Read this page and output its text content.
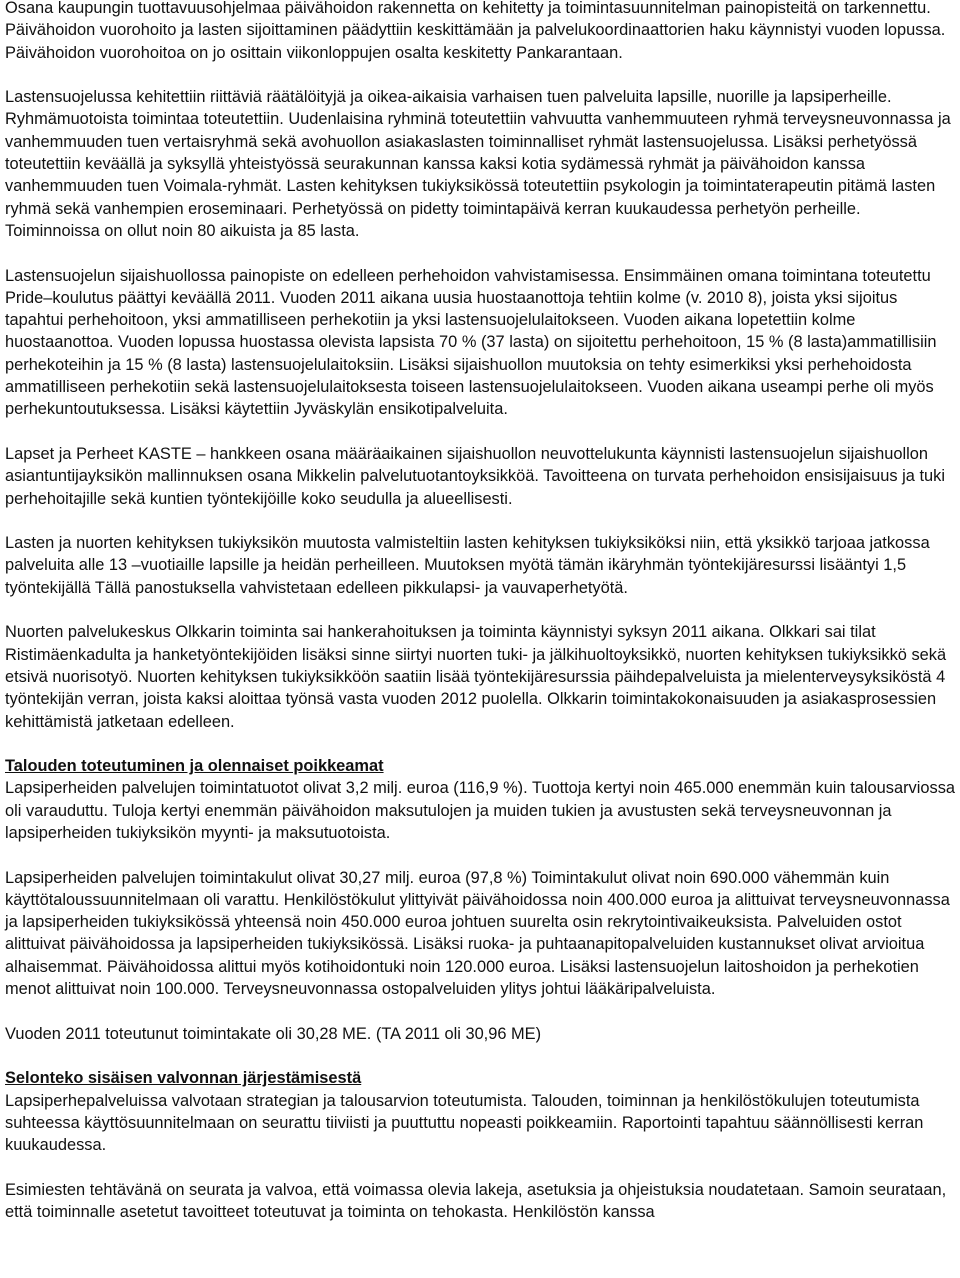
Osana kaupungin tuottavuusohjelmaa päivähoidon rakennetta on kehitetty ja toimintasuunnitelman painopisteitä on tarkennettu. Päivähoidon vuorohoito ja lasten sijoittaminen päädyttiin keskittämään ja palvelukoordinaattorien haku käynnistyi vuoden lopussa. Päivähoidon vuorohoitoa on jo osittain viikonloppujen osalta keskitetty Pankarantaan.

Lastensuojelussa kehitettiin riittäviä räätälöityjä ja oikea-aikaisia varhaisen tuen palveluita lapsille, nuorille ja lapsiperheille. Ryhmämuotoista toimintaa toteutettiin. Uudenlaisina ryhminä toteutettiin vahvuutta vanhemmuuteen ryhmä terveysneuvonnassa ja vanhemmuuden tuen vertaisryhmä sekä avohuollon asiakaslasten toiminnalliset ryhmät lastensuojelussa. Lisäksi perhetyössä toteutettiin keväällä ja syksyllä yhteistyössä seurakunnan kanssa kaksi kotia sydämessä ryhmät ja päivähoidon kanssa vanhemmuuden tuen Voimala-ryhmät. Lasten kehityksen tukiyksikössä toteutettiin psykologin ja toimintaterapeutin pitämä lasten ryhmä sekä vanhempien eroseminaari. Perhetyössä on pidetty toimintapäivä kerran kuukaudessa perhetyön perheille. Toiminnoissa on ollut noin 80 aikuista ja 85 lasta.

Lastensuojelun sijaishuollossa painopiste on edelleen perhehoidon vahvistamisessa. Ensimmäinen omana toimintana toteutettu Pride–koulutus päättyi keväällä 2011. Vuoden 2011 aikana uusia huostaanottoja tehtiin kolme (v. 2010 8), joista yksi sijoitus tapahtui perhehoitoon, yksi ammatilliseen perhekotiin ja yksi lastensuojelulaitokseen. Vuoden aikana lopetettiin kolme huostaanottoa. Vuoden lopussa huostassa olevista lapsista 70 % (37 lasta) on sijoitettu perhehoitoon, 15 % (8 lasta)ammatillisiin perhekoteihin ja 15 % (8 lasta) lastensuojelulaitoksiin. Lisäksi sijaishuollon muutoksia on tehty esimerkiksi yksi perhehoidosta ammatilliseen perhekotiin sekä lastensuojelulaitoksesta toiseen lastensuojelulaitokseen. Vuoden aikana useampi perhe oli myös perhekuntoutuksessa. Lisäksi käytettiin Jyväskylän ensikotipalveluita.

Lapset ja Perheet KASTE – hankkeen osana määräaikainen sijaishuollon neuvottelukunta käynnisti lastensuojelun sijaishuollon asiantuntijayksikön mallinnuksen osana Mikkelin palvelutuotantoyksikköä. Tavoitteena on turvata perhehoidon ensisijaisuus ja tuki perhehoitajille sekä kuntien työntekijöille koko seudulla ja alueellisesti.

Lasten ja nuorten kehityksen tukiyksikön muutosta valmisteltiin lasten kehityksen tukiyksiköksi niin, että yksikkö tarjoaa jatkossa palveluita alle 13 –vuotiaille lapsille ja heidän perheilleen. Muutoksen myötä tämän ikäryhmän työntekijäresurssi lisääntyi 1,5 työntekijällä Tällä panostuksella vahvistetaan edelleen pikkulapsi- ja vauvaperhetyötä.

Nuorten palvelukeskus Olkkarin toiminta sai hankerahoituksen ja toiminta käynnistyi syksyn 2011 aikana. Olkkari sai tilat Ristimäenkadulta ja hanketyöntekijöiden lisäksi sinne siirtyi nuorten tuki- ja jälkihuoltoyksikkö, nuorten kehityksen tukiyksikkö sekä etsivä nuorisotyö. Nuorten kehityksen tukiyksikköön saatiin lisää työntekijäresurssia päihdepalveluista ja mielenterveysyksiköstä 4 työntekijän verran, joista kaksi aloittaa työnsä vasta vuoden 2012 puolella. Olkkarin toimintakokonaisuuden ja asiakasprosessien kehittämistä jatketaan edelleen.

Talouden toteutuminen ja olennaiset poikkeamat

Lapsiperheiden palvelujen toimintatuotot olivat 3,2 milj. euroa (116,9 %). Tuottoja kertyi noin 465.000 enemmän kuin talousarviossa oli varauduttu. Tuloja kertyi enemmän päivähoidon maksutulojen ja muiden tukien ja avustusten sekä terveysneuvonnan ja lapsiperheiden tukiyksikön myynti- ja maksutuotoista.

Lapsiperheiden palvelujen toimintakulut olivat 30,27 milj. euroa (97,8 %) Toimintakulut olivat noin 690.000 vähemmän kuin käyttötaloussuunnitelmaan oli varattu. Henkilöstökulut ylittyivät päivähoidossa noin 400.000 euroa ja alittuivat terveysneuvonnassa ja lapsiperheiden tukiyksikössä yhteensä noin 450.000 euroa johtuen suurelta osin rekrytointivaikeuksista. Palveluiden ostot alittuivat päivähoidossa ja lapsiperheiden tukiyksikössä. Lisäksi ruoka- ja puhtaanapitopalveluiden kustannukset olivat arvioitua alhaisemmat. Päivähoidossa alittui myös kotihoidontuki noin 120.000 euroa. Lisäksi lastensuojelun laitoshoidon ja perhekotien menot alittuivat noin 100.000. Terveysneuvonnassa ostopalveluiden ylitys johtui lääkäripalveluista.

Vuoden 2011 toteutunut toimintakate oli 30,28 ME. (TA 2011 oli 30,96 ME)

Selonteko sisäisen valvonnan järjestämisestä

Lapsiperhepalveluissa valvotaan strategian ja talousarvion toteutumista. Talouden, toiminnan ja henkilöstökulujen toteutumista suhteessa käyttösuunnitelmaan on seurattu tiiviisti ja puuttuttu nopeasti poikkeamiin. Raportointi tapahtuu säännöllisesti kerran kuukaudessa.

Esimiesten tehtävänä on seurata ja valvoa, että voimassa olevia lakeja, asetuksia ja ohjeistuksia noudatetaan. Samoin seurataan, että toiminnalle asetetut tavoitteet toteutuvat ja toiminta on tehokasta. Henkilöstön kanssa
